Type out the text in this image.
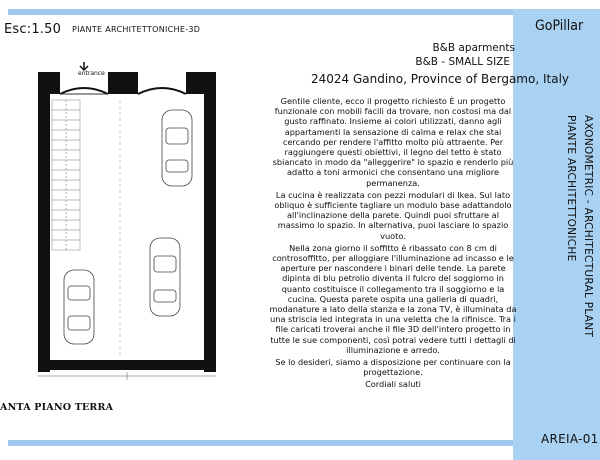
Esc:1.50 PIANTE ARCHITETTONICHE-3D	GoPillar
AXONOMETRIC - ARCHITECTURAL PLANT
PIANTE ARCHITETTONICHE
AREIA-01
B&B aparments
B&B - SMALL SIZE
24024 Gandino, Province of Bergamo, Italy

Gentile cliente, ecco il progetto richiesto È un progetto funzionale con mobili facili da trovare, non costosi ma dal gusto raffinato. Insieme ai colori utilizzati, danno agli appartamenti la sensazione di calma e relax che stai cercando per rendere l'affitto molto più attraente. Per raggiungere questi obiettivi, il legno del tetto è stato sbiancato in modo da "alleggerire" lo spazio e renderlo più adatto a toni armonici che consentano una migliore permanenza.

La cucina è realizzata con pezzi modulari di Ikea. Sul lato obliquo è sufficiente tagliare un modulo base adattandolo all'inclinazione della parete. Quindi puoi sfruttare al massimo lo spazio. In alternativa, puoi lasciare lo spazio vuoto.

Nella zona giorno il soffitto è ribassato con 8 cm di controsoffitto, per alloggiare l'illuminazione ad incasso e le aperture per nascondere i binari delle tende. La parete dipinta di blu petrolio diventa il fulcro del soggiorno in quanto costituisce il collegamento tra il soggiorno e la cucina. Questa parete ospita una galleria di quadri, modanature a lato della stanza e la zona TV, è illuminata da una striscia led integrata in una veletta che la rifinisce. Tra i file caricati troverai anche il file 3D dell'intero progetto in tutte le sue componenti, così potrai vedere tutti i dettagli di illuminazione e arredo.

Se lo desideri, siamo a disposizione per continuare con la progettazione.

Cordiali saluti

entrance
ANTA PIANO TERRA
